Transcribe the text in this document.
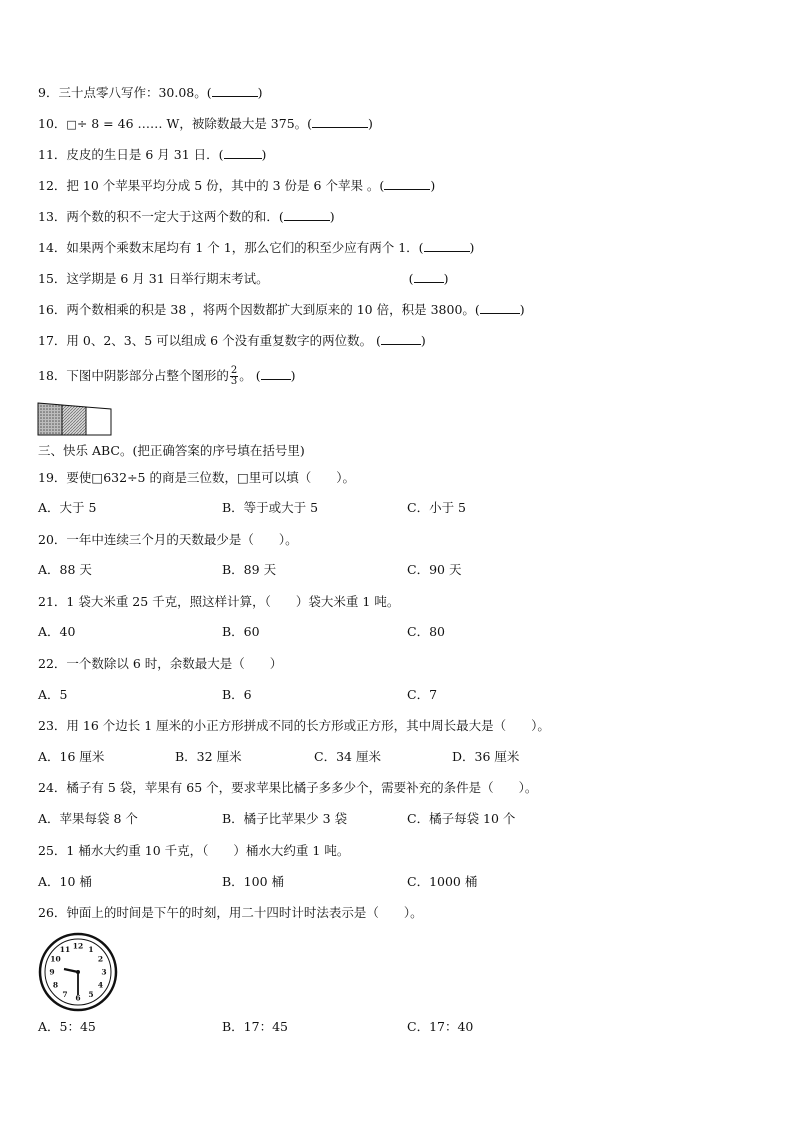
9．三十点零八写作：30.08。(	)
10．□÷ 8 = 46 …… W，被除数最大是 375。(	)
11．皮皮的生日是 6 月 31 日．(	)
12．把 10 个苹果平均分成 5 份，其中的 3 份是 6 个苹果 。(	)
13．两个数的积不一定大于这两个数的和．(	)
14．如果两个乘数末尾均有 1 个 1，那么它们的积至少应有两个 1．(	)
15．这学期是 6 月 31 日举行期末考试。	( )
16．两个数相乘的积是 38 ，将两个因数都扩大到原来的 10 倍，积是 3800。(	)
17．用 0、2、3、5 可以组成 6 个没有重复数字的两位数。 (	)
18．下图中阴影部分占整个图形的 $\frac{2}{3}$ 。 ( )
三、快乐 ABC。(把正确答案的序号填在括号里)
19．要使□632÷5 的商是三位数，□里可以填（　　）。
A．大于 5	B．等于或大于 5	C．小于 5
20．一年中连续三个月的天数最少是（　　）。
A．88 天	B．89 天	C．90 天
21．1 袋大米重 25 千克，照这样计算，（　　）袋大米重 1 吨。
A．40	B．60	C．80
22．一个数除以 6 时，余数最大是（　　）
A．5	B．6	C．7
23．用 16 个边长 1 厘米的小正方形拼成不同的长方形或正方形，其中周长最大是（　　）。
A．16 厘米	B．32 厘米	C．34 厘米	D．36 厘米
24．橘子有 5 袋，苹果有 65 个，要求苹果比橘子多多少个，需要补充的条件是（　　）。
A．苹果每袋 8 个	B．橘子比苹果少 3 袋	C．橘子每袋 10 个
25．1 桶水大约重 10 千克，（　　）桶水大约重 1 吨。
A．10 桶	B．100 桶	C．1000 桶
26．钟面上的时间是下午的时刻，用二十四时计时法表示是（　　）。
12 1
2
3
4
5
6
7
8
9
10
11
A．5：45	B．17：45	C．17：40
